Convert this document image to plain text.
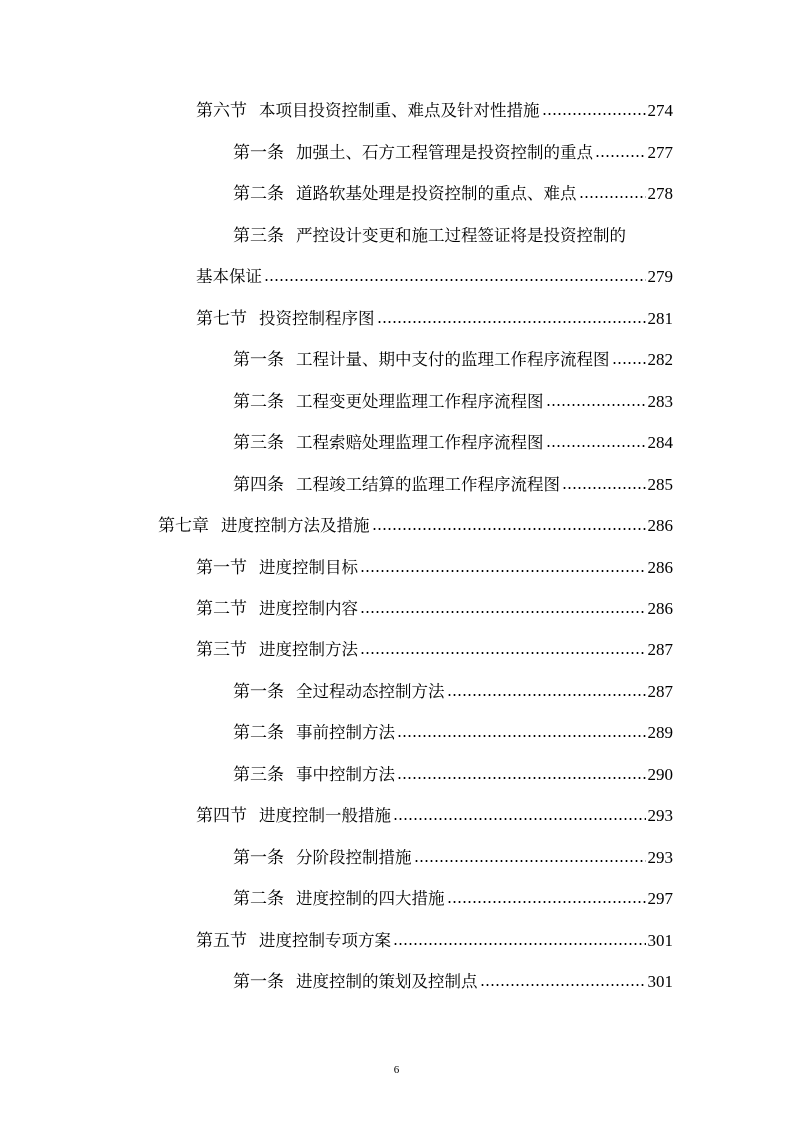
第六节 本项目投资控制重、难点及针对性措施	274
第一条 加强土、石方工程管理是投资控制的重点	277
第二条 道路软基处理是投资控制的重点、难点	278
第三条 严控设计变更和施工过程签证将是投资控制的
基本保证	279
第七节 投资控制程序图	281
第一条 工程计量、期中支付的监理工作程序流程图 282
第二条 工程变更处理监理工作程序流程图	283
第三条 工程索赔处理监理工作程序流程图	284
第四条 工程竣工结算的监理工作程序流程图	285
第七章 进度控制方法及措施	286
第一节 进度控制目标	286
第二节 进度控制内容	286
第三节 进度控制方法	287
第一条 全过程动态控制方法	287
第二条 事前控制方法	289
第三条 事中控制方法	290
第四节 进度控制一般措施	293
第一条 分阶段控制措施	293
第二条 进度控制的四大措施	297
第五节 进度控制专项方案	301
第一条 进度控制的策划及控制点	301
6
